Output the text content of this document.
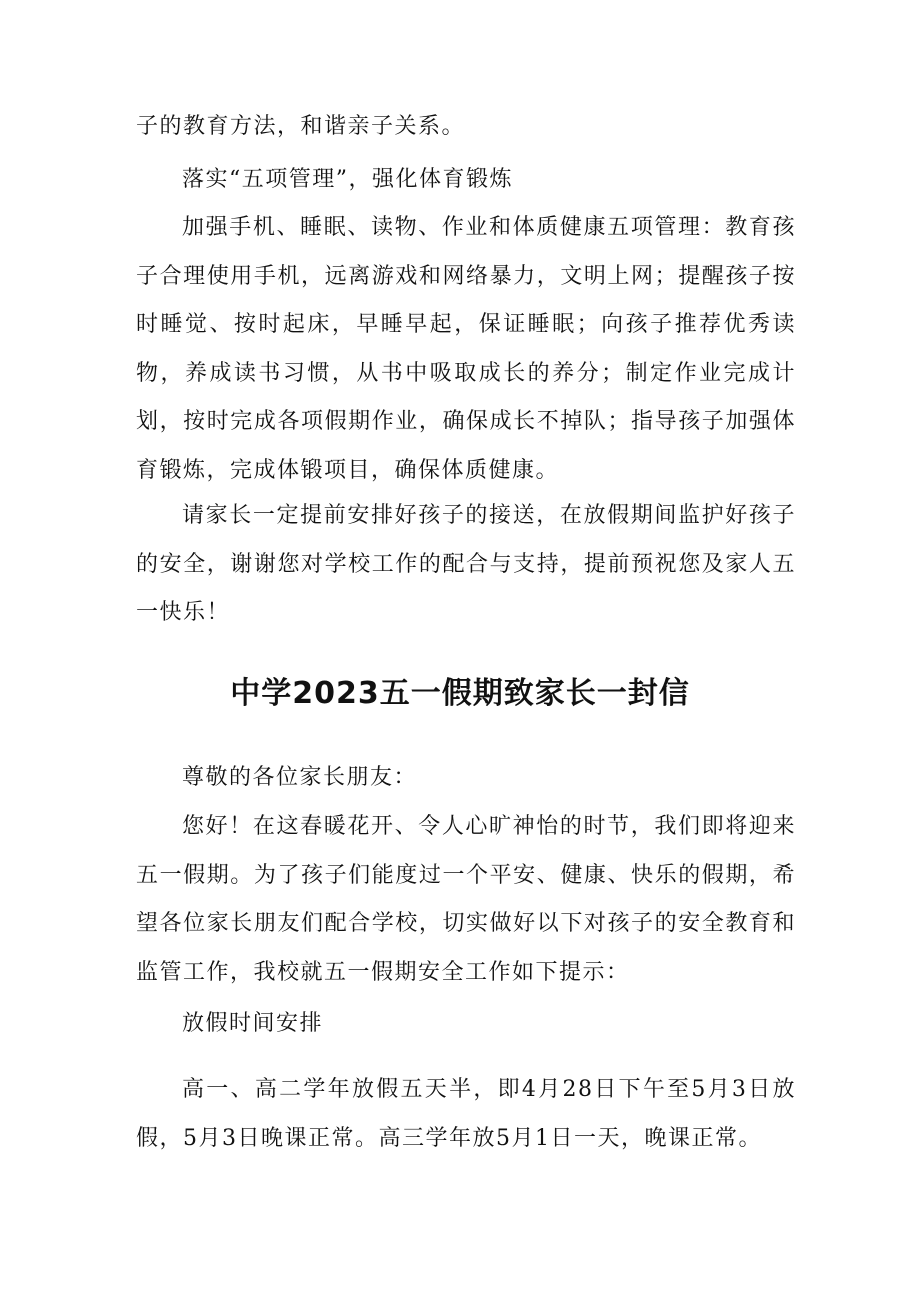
子的教育方法，和谐亲子关系。

落实“五项管理”，强化体育锻炼

加强手机、睡眠、读物、作业和体质健康五项管理：教育孩子合理使用手机，远离游戏和网络暴力，文明上网；提醒孩子按时睡觉、按时起床，早睡早起，保证睡眠；向孩子推荐优秀读物，养成读书习惯，从书中吸取成长的养分；制定作业完成计划，按时完成各项假期作业，确保成长不掉队；指导孩子加强体育锻炼，完成体锻项目，确保体质健康。

请家长一定提前安排好孩子的接送，在放假期间监护好孩子的安全，谢谢您对学校工作的配合与支持，提前预祝您及家人五一快乐！

中学2023五一假期致家长一封信

尊敬的各位家长朋友：

您好！在这春暖花开、令人心旷神怡的时节，我们即将迎来五一假期。为了孩子们能度过一个平安、健康、快乐的假期，希望各位家长朋友们配合学校，切实做好以下对孩子的安全教育和监管工作，我校就五一假期安全工作如下提示：

放假时间安排

高一、高二学年放假五天半，即4月28日下午至5月3日放假，5月3日晚课正常。高三学年放5月1日一天，晚课正常。
